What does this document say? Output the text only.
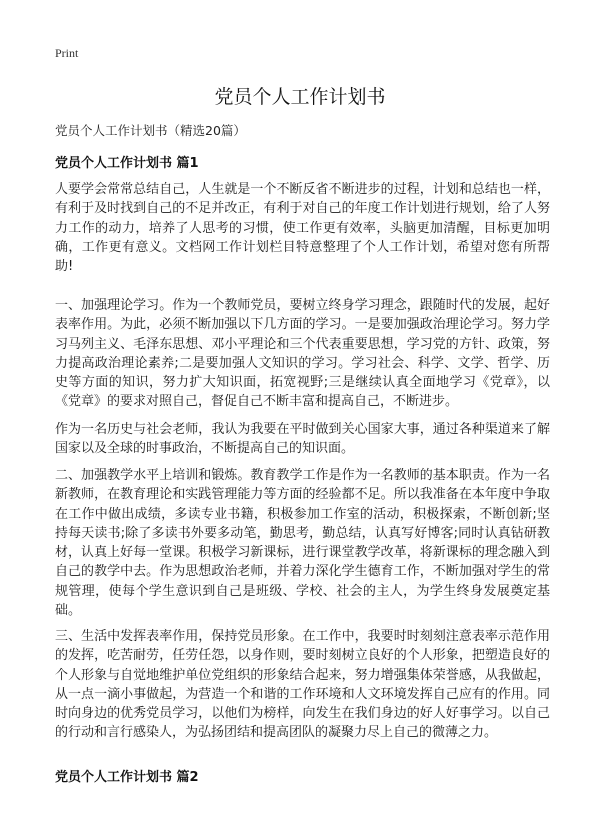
Print
党员个人工作计划书
党员个人工作计划书（精选20篇）
党员个人工作计划书 篇1

人要学会常常总结自己，人生就是一个不断反省不断进步的过程，计划和总结也一样，有利于及时找到自己的不足并改正，有利于对自己的年度工作计划进行规划，给了人努力工作的动力，培养了人思考的习惯，使工作更有效率，头脑更加清醒，目标更加明确，工作更有意义。文档网工作计划栏目特意整理了个人工作计划，希望对您有所帮助!

一、加强理论学习。作为一个教师党员，要树立终身学习理念，跟随时代的发展，起好表率作用。为此，必须不断加强以下几方面的学习。一是要加强政治理论学习。努力学习马列主义、毛泽东思想、邓小平理论和三个代表重要思想，学习党的方针、政策，努力提高政治理论素养;二是要加强人文知识的学习。学习社会、科学、文学、哲学、历史等方面的知识，努力扩大知识面，拓宽视野;三是继续认真全面地学习《党章》，以《党章》的要求对照自己，督促自己不断丰富和提高自己，不断进步。

作为一名历史与社会老师，我认为我要在平时做到关心国家大事，通过各种渠道来了解国家以及全球的时事政治，不断提高自己的知识面。

二、加强教学水平上培训和锻炼。教育教学工作是作为一名教师的基本职责。作为一名新教师，在教育理论和实践管理能力等方面的经验都不足。所以我准备在本年度中争取在工作中做出成绩，多读专业书籍，积极参加工作室的活动，积极探索，不断创新;坚持每天读书;除了多读书外要多动笔，勤思考，勤总结，认真写好博客;同时认真钻研教材，认真上好每一堂课。积极学习新课标，进行课堂教学改革，将新课标的理念融入到自己的教学中去。作为思想政治老师，并着力深化学生德育工作，不断加强对学生的常规管理，使每个学生意识到自己是班级、学校、社会的主人，为学生终身发展奠定基础。

三、生活中发挥表率作用，保持党员形象。在工作中，我要时时刻刻注意表率示范作用的发挥，吃苦耐劳，任劳任怨，以身作则，要时刻树立良好的个人形象，把塑造良好的个人形象与自觉地维护单位党组织的形象结合起来，努力增强集体荣誉感，从我做起，从一点一滴小事做起，为营造一个和谐的工作环境和人文环境发挥自己应有的作用。同时向身边的优秀党员学习，以他们为榜样，向发生在我们身边的好人好事学习。以自己的行动和言行感染人，为弘扬团结和提高团队的凝聚力尽上自己的微薄之力。

党员个人工作计划书 篇2
